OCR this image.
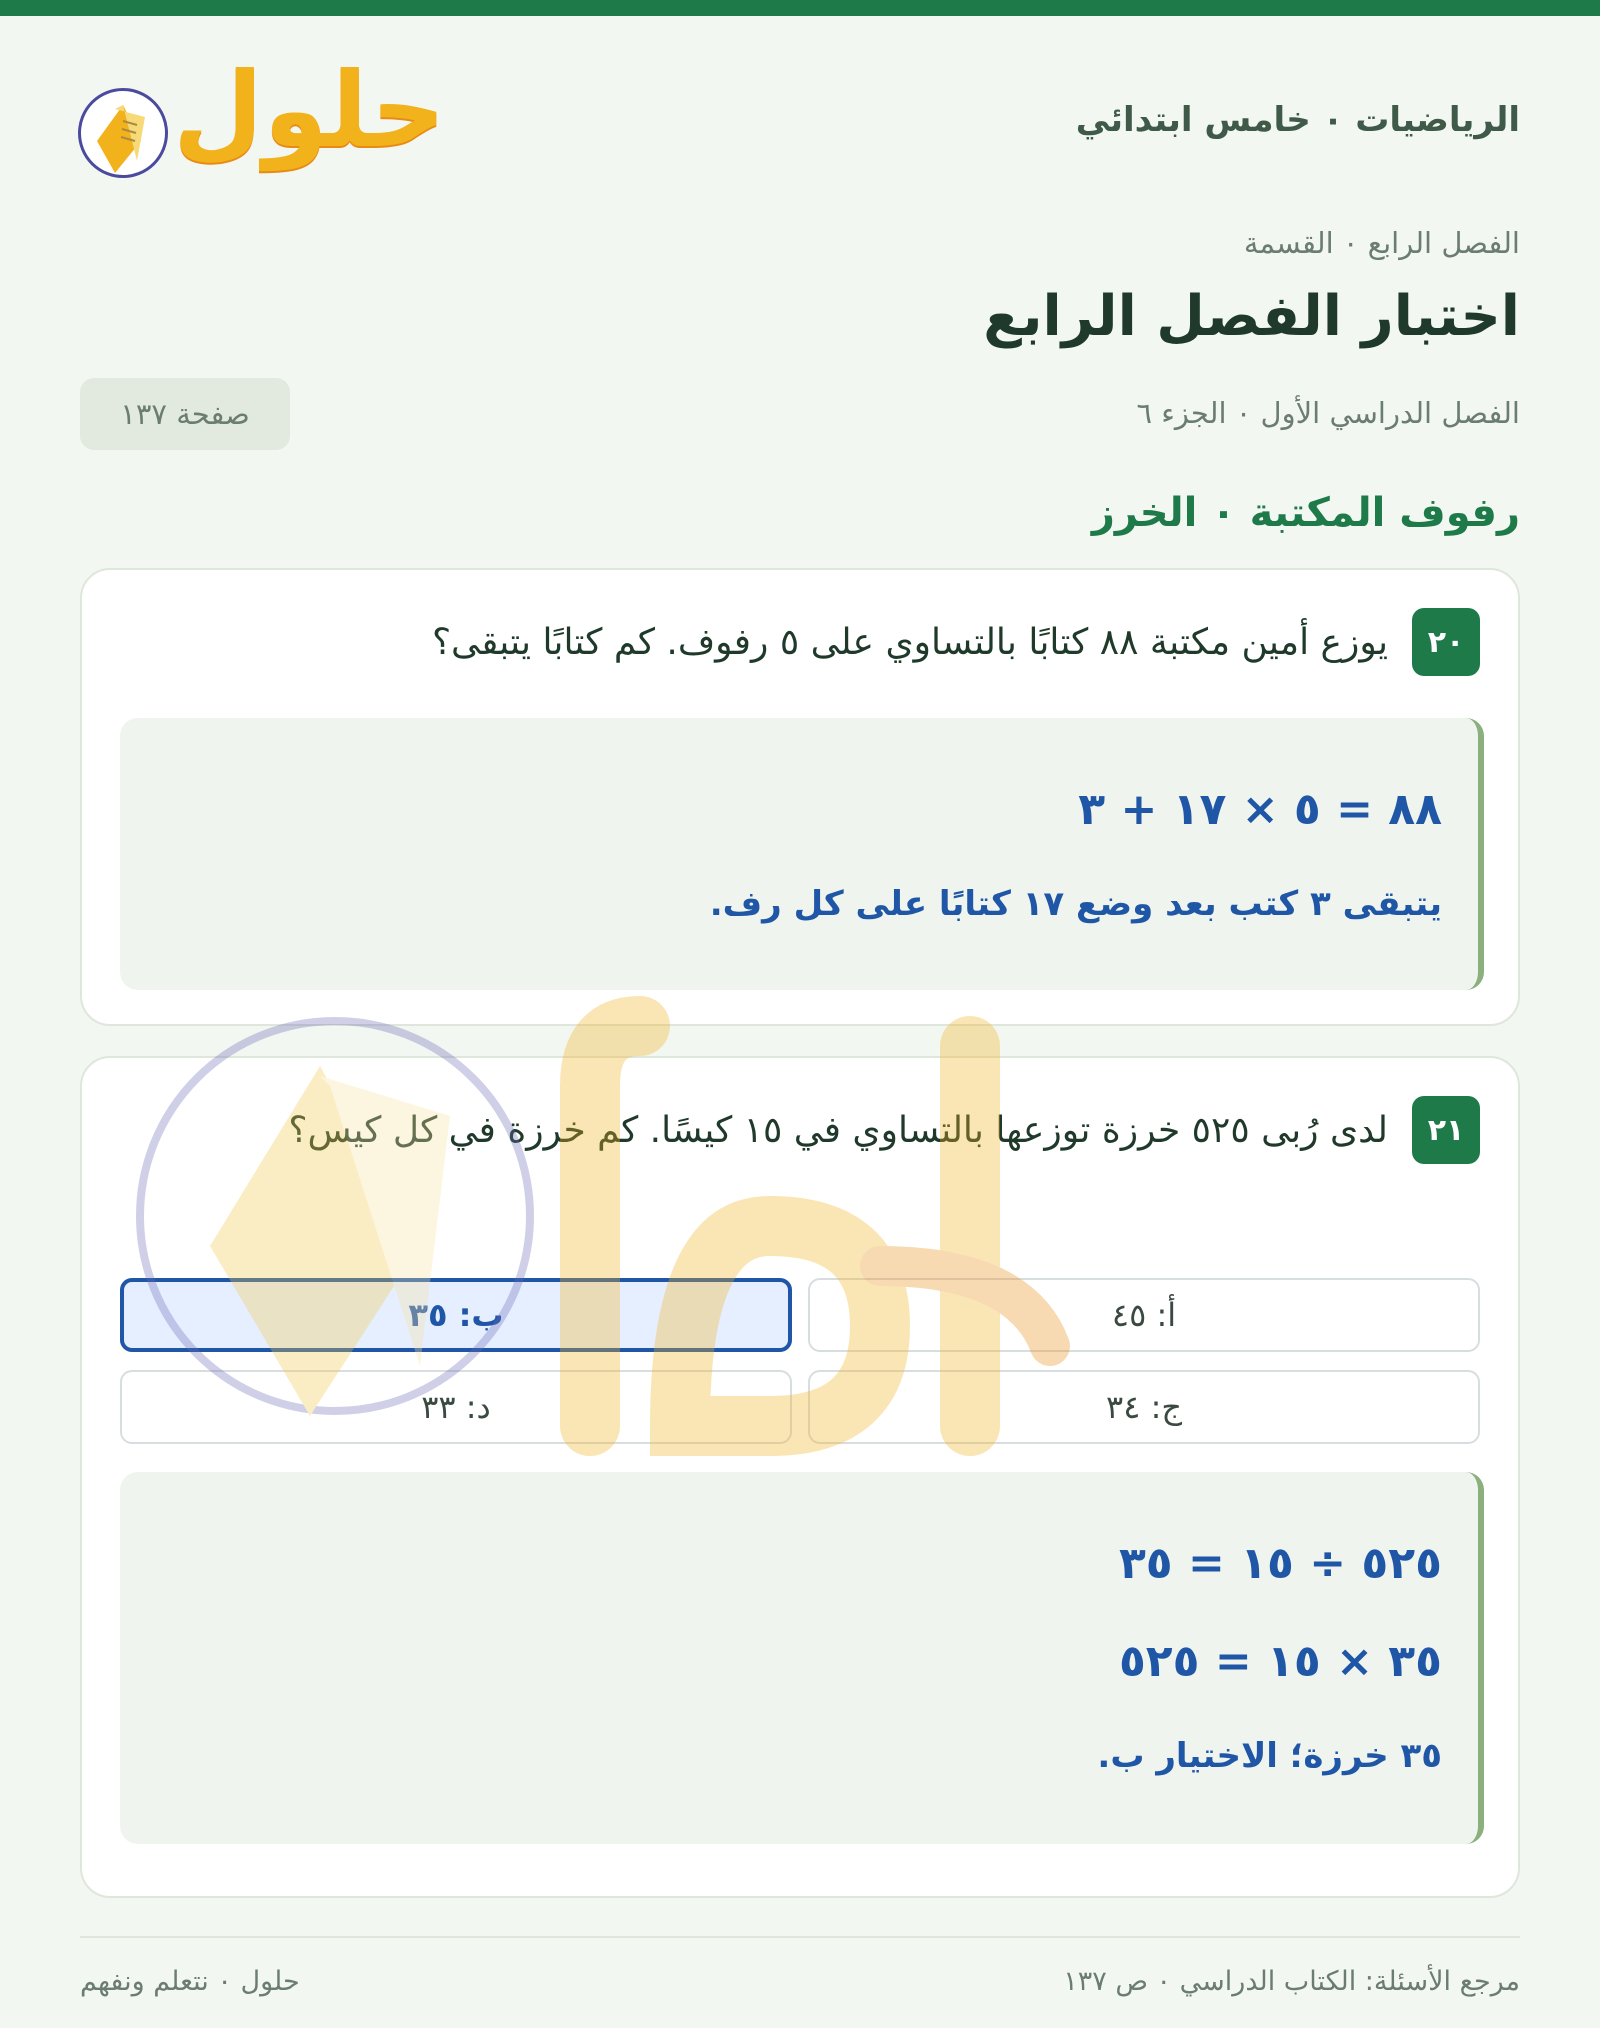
الرياضيات ٠ خامس ابتدائي
حلول
الفصل الرابع ٠ القسمة
اختبار الفصل الرابع
الفصل الدراسي الأول ٠ الجزء ٦
صفحة ١٣٧
رفوف المكتبة ٠ الخرز
٢٠
يوزع أمين مكتبة ٨٨ كتابًا بالتساوي على ٥ رفوف. كم كتابًا يتبقى؟
٨٨ = ٥ × ١٧ + ٣
يتبقى ٣ كتب بعد وضع ١٧ كتابًا على كل رف.
٢١
لدى رُبى ٥٢٥ خرزة توزعها بالتساوي في ١٥ كيسًا. كم خرزة في كل كيس؟
أ: ٤٥
ب: ٣٥
ج: ٣٤
د: ٣٣
٥٢٥ ÷ ١٥ = ٣٥
٣٥ × ١٥ = ٥٢٥
٣٥ خرزة؛ الاختيار ب.
مرجع الأسئلة: الكتاب الدراسي ٠ ص ١٣٧
حلول ٠ نتعلم ونفهم
